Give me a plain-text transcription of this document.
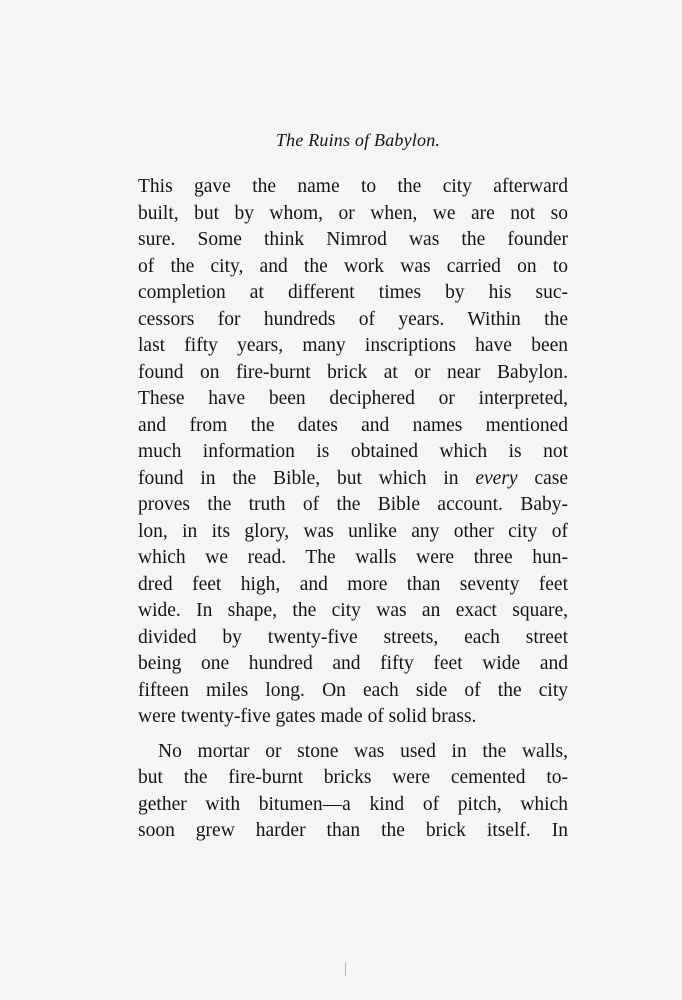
The Ruins of Babylon.
This gave the name to the city afterward
built, but by whom, or when, we are not so
sure. Some think Nimrod was the founder
of the city, and the work was carried on to
completion at different times by his suc-
cessors for hundreds of years. Within the
last fifty years, many inscriptions have been
found on fire-burnt brick at or near Babylon.
These have been deciphered or interpreted,
and from the dates and names mentioned
much information is obtained which is not
found in the Bible, but which in every case
proves the truth of the Bible account. Baby-
lon, in its glory, was unlike any other city of
which we read. The walls were three hun-
dred feet high, and more than seventy feet
wide. In shape, the city was an exact square,
divided by twenty-five streets, each street
being one hundred and fifty feet wide and
fifteen miles long. On each side of the city
were twenty-five gates made of solid brass.
No mortar or stone was used in the walls,
but the fire-burnt bricks were cemented to-
gether with bitumen—a kind of pitch, which
soon grew harder than the brick itself. In
